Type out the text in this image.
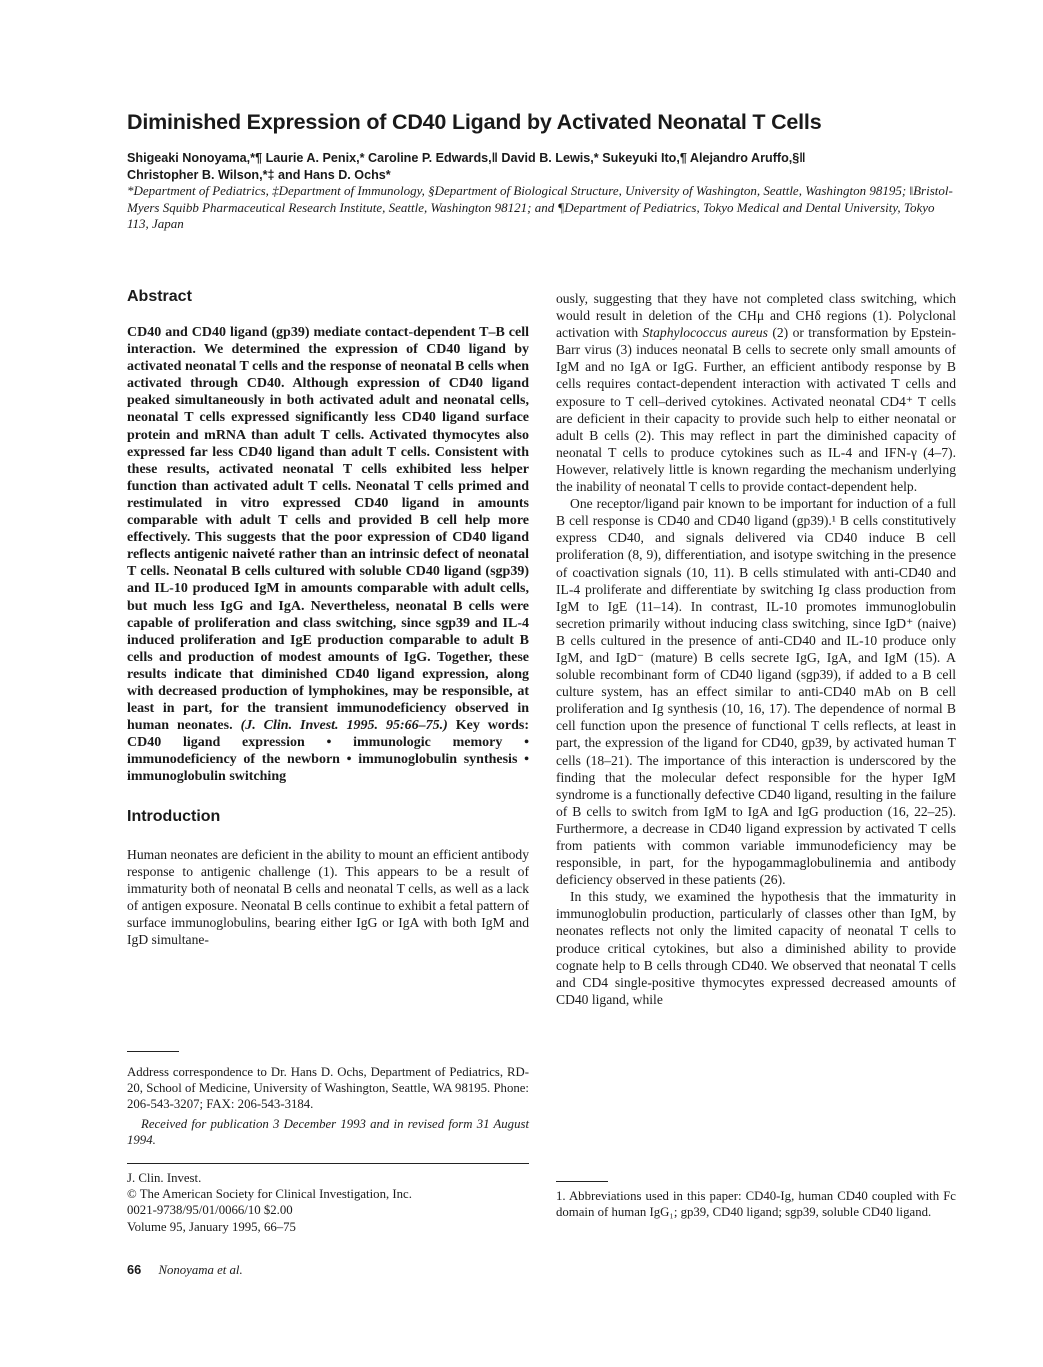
Diminished Expression of CD40 Ligand by Activated Neonatal T Cells
Shigeaki Nonoyama,*¶ Laurie A. Penix,* Caroline P. Edwards,‖ David B. Lewis,* Sukeyuki Ito,¶ Alejandro Aruffo,§‖
Christopher B. Wilson,*‡ and Hans D. Ochs*
*Department of Pediatrics, ‡Department of Immunology, §Department of Biological Structure, University of Washington, Seattle, Washington 98195; ‖Bristol-Myers Squibb Pharmaceutical Research Institute, Seattle, Washington 98121; and ¶Department of Pediatrics, Tokyo Medical and Dental University, Tokyo 113, Japan
Abstract

CD40 and CD40 ligand (gp39) mediate contact-dependent T–B cell interaction. We determined the expression of CD40 ligand by activated neonatal T cells and the response of neonatal B cells when activated through CD40. Although expression of CD40 ligand peaked simultaneously in both activated adult and neonatal cells, neonatal T cells expressed significantly less CD40 ligand surface protein and mRNA than adult T cells. Activated thymocytes also expressed far less CD40 ligand than adult T cells. Consistent with these results, activated neonatal T cells exhibited less helper function than activated adult T cells. Neonatal T cells primed and restimulated in vitro expressed CD40 ligand in amounts comparable with adult T cells and provided B cell help more effectively. This suggests that the poor expression of CD40 ligand reflects antigenic naiveté rather than an intrinsic defect of neonatal T cells. Neonatal B cells cultured with soluble CD40 ligand (sgp39) and IL-10 produced IgM in amounts comparable with adult cells, but much less IgG and IgA. Nevertheless, neonatal B cells were capable of proliferation and class switching, since sgp39 and IL-4 induced proliferation and IgE production comparable to adult B cells and production of modest amounts of IgG. Together, these results indicate that diminished CD40 ligand expression, along with decreased production of lymphokines, may be responsible, at least in part, for the transient immunodeficiency observed in human neonates. (J. Clin. Invest. 1995. 95:66–75.) Key words: CD40 ligand expression • immunologic memory • immunodeficiency of the newborn • immunoglobulin synthesis • immunoglobulin switching

Introduction

Human neonates are deficient in the ability to mount an efficient antibody response to antigenic challenge (1). This appears to be a result of immaturity both of neonatal B cells and neonatal T cells, as well as a lack of antigen exposure. Neonatal B cells continue to exhibit a fetal pattern of surface immunoglobulins, bearing either IgG or IgA with both IgM and IgD simultane-

ously, suggesting that they have not completed class switching, which would result in deletion of the CHμ and CHδ regions (1). Polyclonal activation with Staphylococcus aureus (2) or transformation by Epstein-Barr virus (3) induces neonatal B cells to secrete only small amounts of IgM and no IgA or IgG. Further, an efficient antibody response by B cells requires contact-dependent interaction with activated T cells and exposure to T cell–derived cytokines. Activated neonatal CD4⁺ T cells are deficient in their capacity to provide such help to either neonatal or adult B cells (2). This may reflect in part the diminished capacity of neonatal T cells to produce cytokines such as IL-4 and IFN-γ (4–7). However, relatively little is known regarding the mechanism underlying the inability of neonatal T cells to provide contact-dependent help.

One receptor/ligand pair known to be important for induction of a full B cell response is CD40 and CD40 ligand (gp39).¹ B cells constitutively express CD40, and signals delivered via CD40 induce B cell proliferation (8, 9), differentiation, and isotype switching in the presence of coactivation signals (10, 11). B cells stimulated with anti-CD40 and IL-4 proliferate and differentiate by switching Ig class production from IgM to IgE (11–14). In contrast, IL-10 promotes immunoglobulin secretion primarily without inducing class switching, since IgD⁺ (naive) B cells cultured in the presence of anti-CD40 and IL-10 produce only IgM, and IgD⁻ (mature) B cells secrete IgG, IgA, and IgM (15). A soluble recombinant form of CD40 ligand (sgp39), if added to a B cell culture system, has an effect similar to anti-CD40 mAb on B cell proliferation and Ig synthesis (10, 16, 17). The dependence of normal B cell function upon the presence of functional T cells reflects, at least in part, the expression of the ligand for CD40, gp39, by activated human T cells (18–21). The importance of this interaction is underscored by the finding that the molecular defect responsible for the hyper IgM syndrome is a functionally defective CD40 ligand, resulting in the failure of B cells to switch from IgM to IgA and IgG production (16, 22–25). Furthermore, a decrease in CD40 ligand expression by activated T cells from patients with common variable immunodeficiency may be responsible, in part, for the hypogammaglobulinemia and antibody deficiency observed in these patients (26).

In this study, we examined the hypothesis that the immaturity in immunoglobulin production, particularly of classes other than IgM, by neonates reflects not only the limited capacity of neonatal T cells to produce critical cytokines, but also a diminished ability to provide cognate help to B cells through CD40. We observed that neonatal T cells and CD4 single-positive thymocytes expressed decreased amounts of CD40 ligand, while

Address correspondence to Dr. Hans D. Ochs, Department of Pediatrics, RD-20, School of Medicine, University of Washington, Seattle, WA 98195. Phone: 206-543-3207; FAX: 206-543-3184.

Received for publication 3 December 1993 and in revised form 31 August 1994.

J. Clin. Invest.
© The American Society for Clinical Investigation, Inc.
0021-9738/95/01/0066/10 $2.00
Volume 95, January 1995, 66–75
66 Nonoyama et al.

1. Abbreviations used in this paper: CD40-Ig, human CD40 coupled with Fc domain of human IgG₁; gp39, CD40 ligand; sgp39, soluble CD40 ligand.
